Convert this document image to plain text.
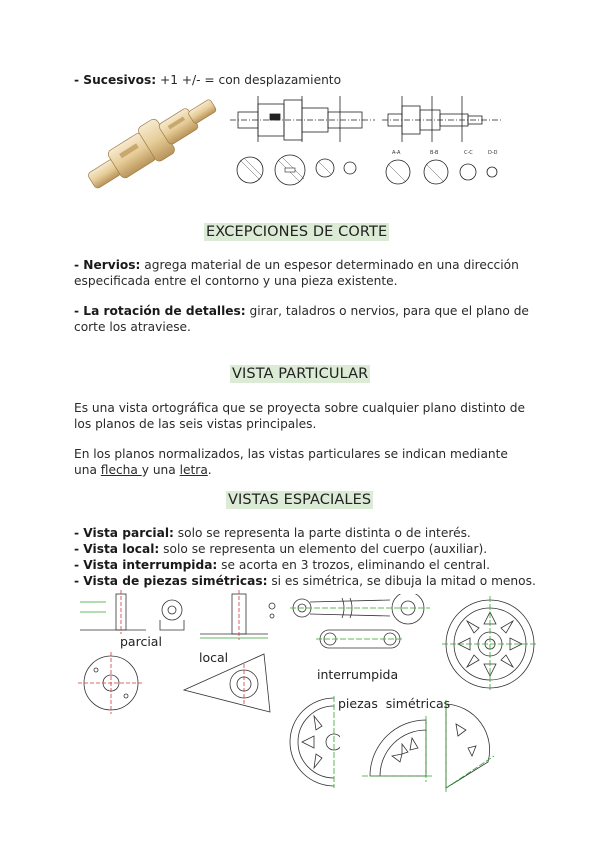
- Sucesivos: +1 +/- = con desplazamiento
A-A	B-B	C-C	D-D
EXCEPCIONES DE CORTE
- Nervios: agrega material de un espesor determinado en una dirección especificada entre el contorno y una pieza existente.
- La rotación de detalles: girar, taladros o nervios, para que el plano de corte los atraviese.
VISTA PARTICULAR
Es una vista ortográfica que se proyecta sobre cualquier plano distinto de los planos de las seis vistas principales.
En los planos normalizados, las vistas particulares se indican mediante una flecha y una letra.
VISTAS ESPACIALES
- Vista parcial: solo se representa la parte distinta o de interés.
- Vista local: solo se representa un elemento del cuerpo (auxiliar).
- Vista interrumpida: se acorta en 3 trozos, eliminando el central.
- Vista de piezas simétricas: si es simétrica, se dibuja la mitad o menos.
parcial
local
interrumpida
piezas  simétricas
